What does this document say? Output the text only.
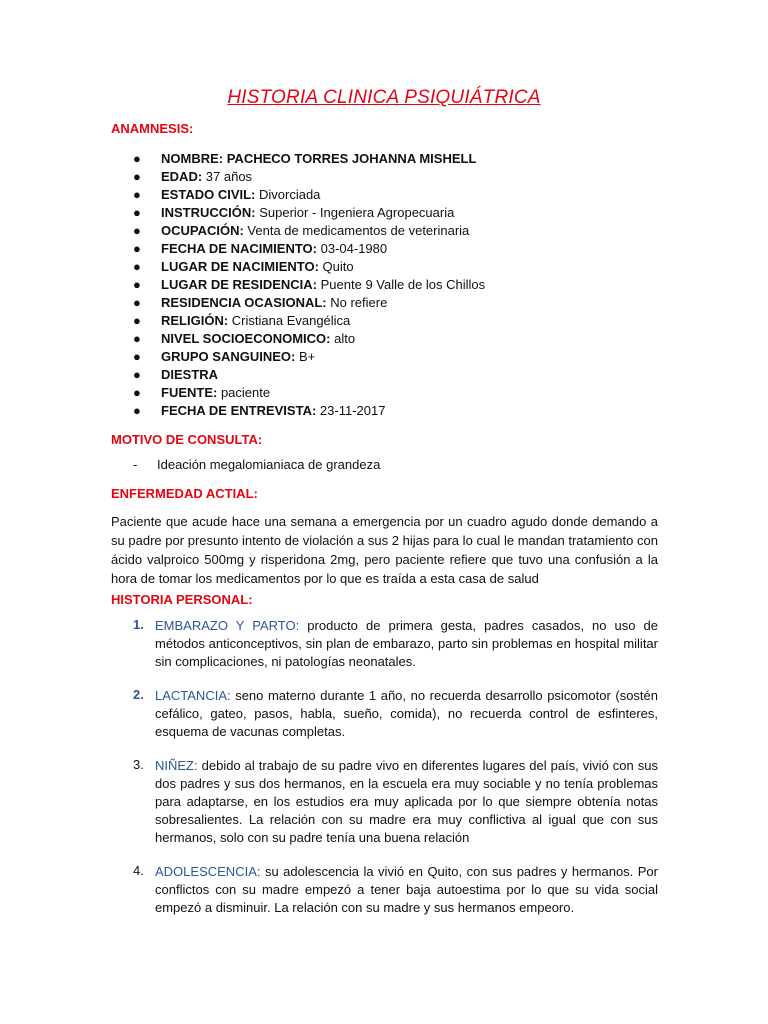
HISTORIA CLINICA PSIQUIÁTRICA
ANAMNESIS:
● NOMBRE: PACHECO TORRES JOHANNA MISHELL
● EDAD: 37 años
● ESTADO CIVIL: Divorciada
● INSTRUCCIÓN: Superior - Ingeniera Agropecuaria
● OCUPACIÓN: Venta de medicamentos de veterinaria
● FECHA DE NACIMIENTO: 03-04-1980
● LUGAR DE NACIMIENTO: Quito
● LUGAR DE RESIDENCIA: Puente 9 Valle de los Chillos
● RESIDENCIA OCASIONAL: No refiere
● RELIGIÓN: Cristiana Evangélica
● NIVEL SOCIOECONOMICO: alto
● GRUPO SANGUINEO: B+
● DIESTRA
● FUENTE: paciente
● FECHA DE ENTREVISTA: 23-11-2017
MOTIVO DE CONSULTA:
- Ideación megalomianiaca de grandeza
ENFERMEDAD ACTIAL:
Paciente que acude hace una semana a emergencia por un cuadro agudo donde demando a su padre por presunto intento de violación a sus 2 hijas para lo cual le mandan tratamiento con ácido valproico 500mg y risperidona 2mg, pero paciente refiere que tuvo una confusión a la hora de tomar los medicamentos por lo que es traída a esta casa de salud
HISTORIA PERSONAL:
1. EMBARAZO Y PARTO: producto de primera gesta, padres casados, no uso de métodos anticonceptivos, sin plan de embarazo, parto sin problemas en hospital militar sin complicaciones, ni patologías neonatales.
2. LACTANCIA: seno materno durante 1 año, no recuerda desarrollo psicomotor (sostén cefálico, gateo, pasos, habla, sueño, comida), no recuerda control de esfinteres, esquema de vacunas completas.
3. NIÑEZ: debido al trabajo de su padre vivo en diferentes lugares del país, vivió con sus dos padres y sus dos hermanos, en la escuela era muy sociable y no tenía problemas para adaptarse, en los estudios era muy aplicada por lo que siempre obtenía notas sobresalientes. La relación con su madre era muy conflictiva al igual que con sus hermanos, solo con su padre tenía una buena relación
4. ADOLESCENCIA: su adolescencia la vivió en Quito, con sus padres y hermanos. Por conflictos con su madre empezó a tener baja autoestima por lo que su vida social empezó a disminuir. La relación con su madre y sus hermanos empeoro.
